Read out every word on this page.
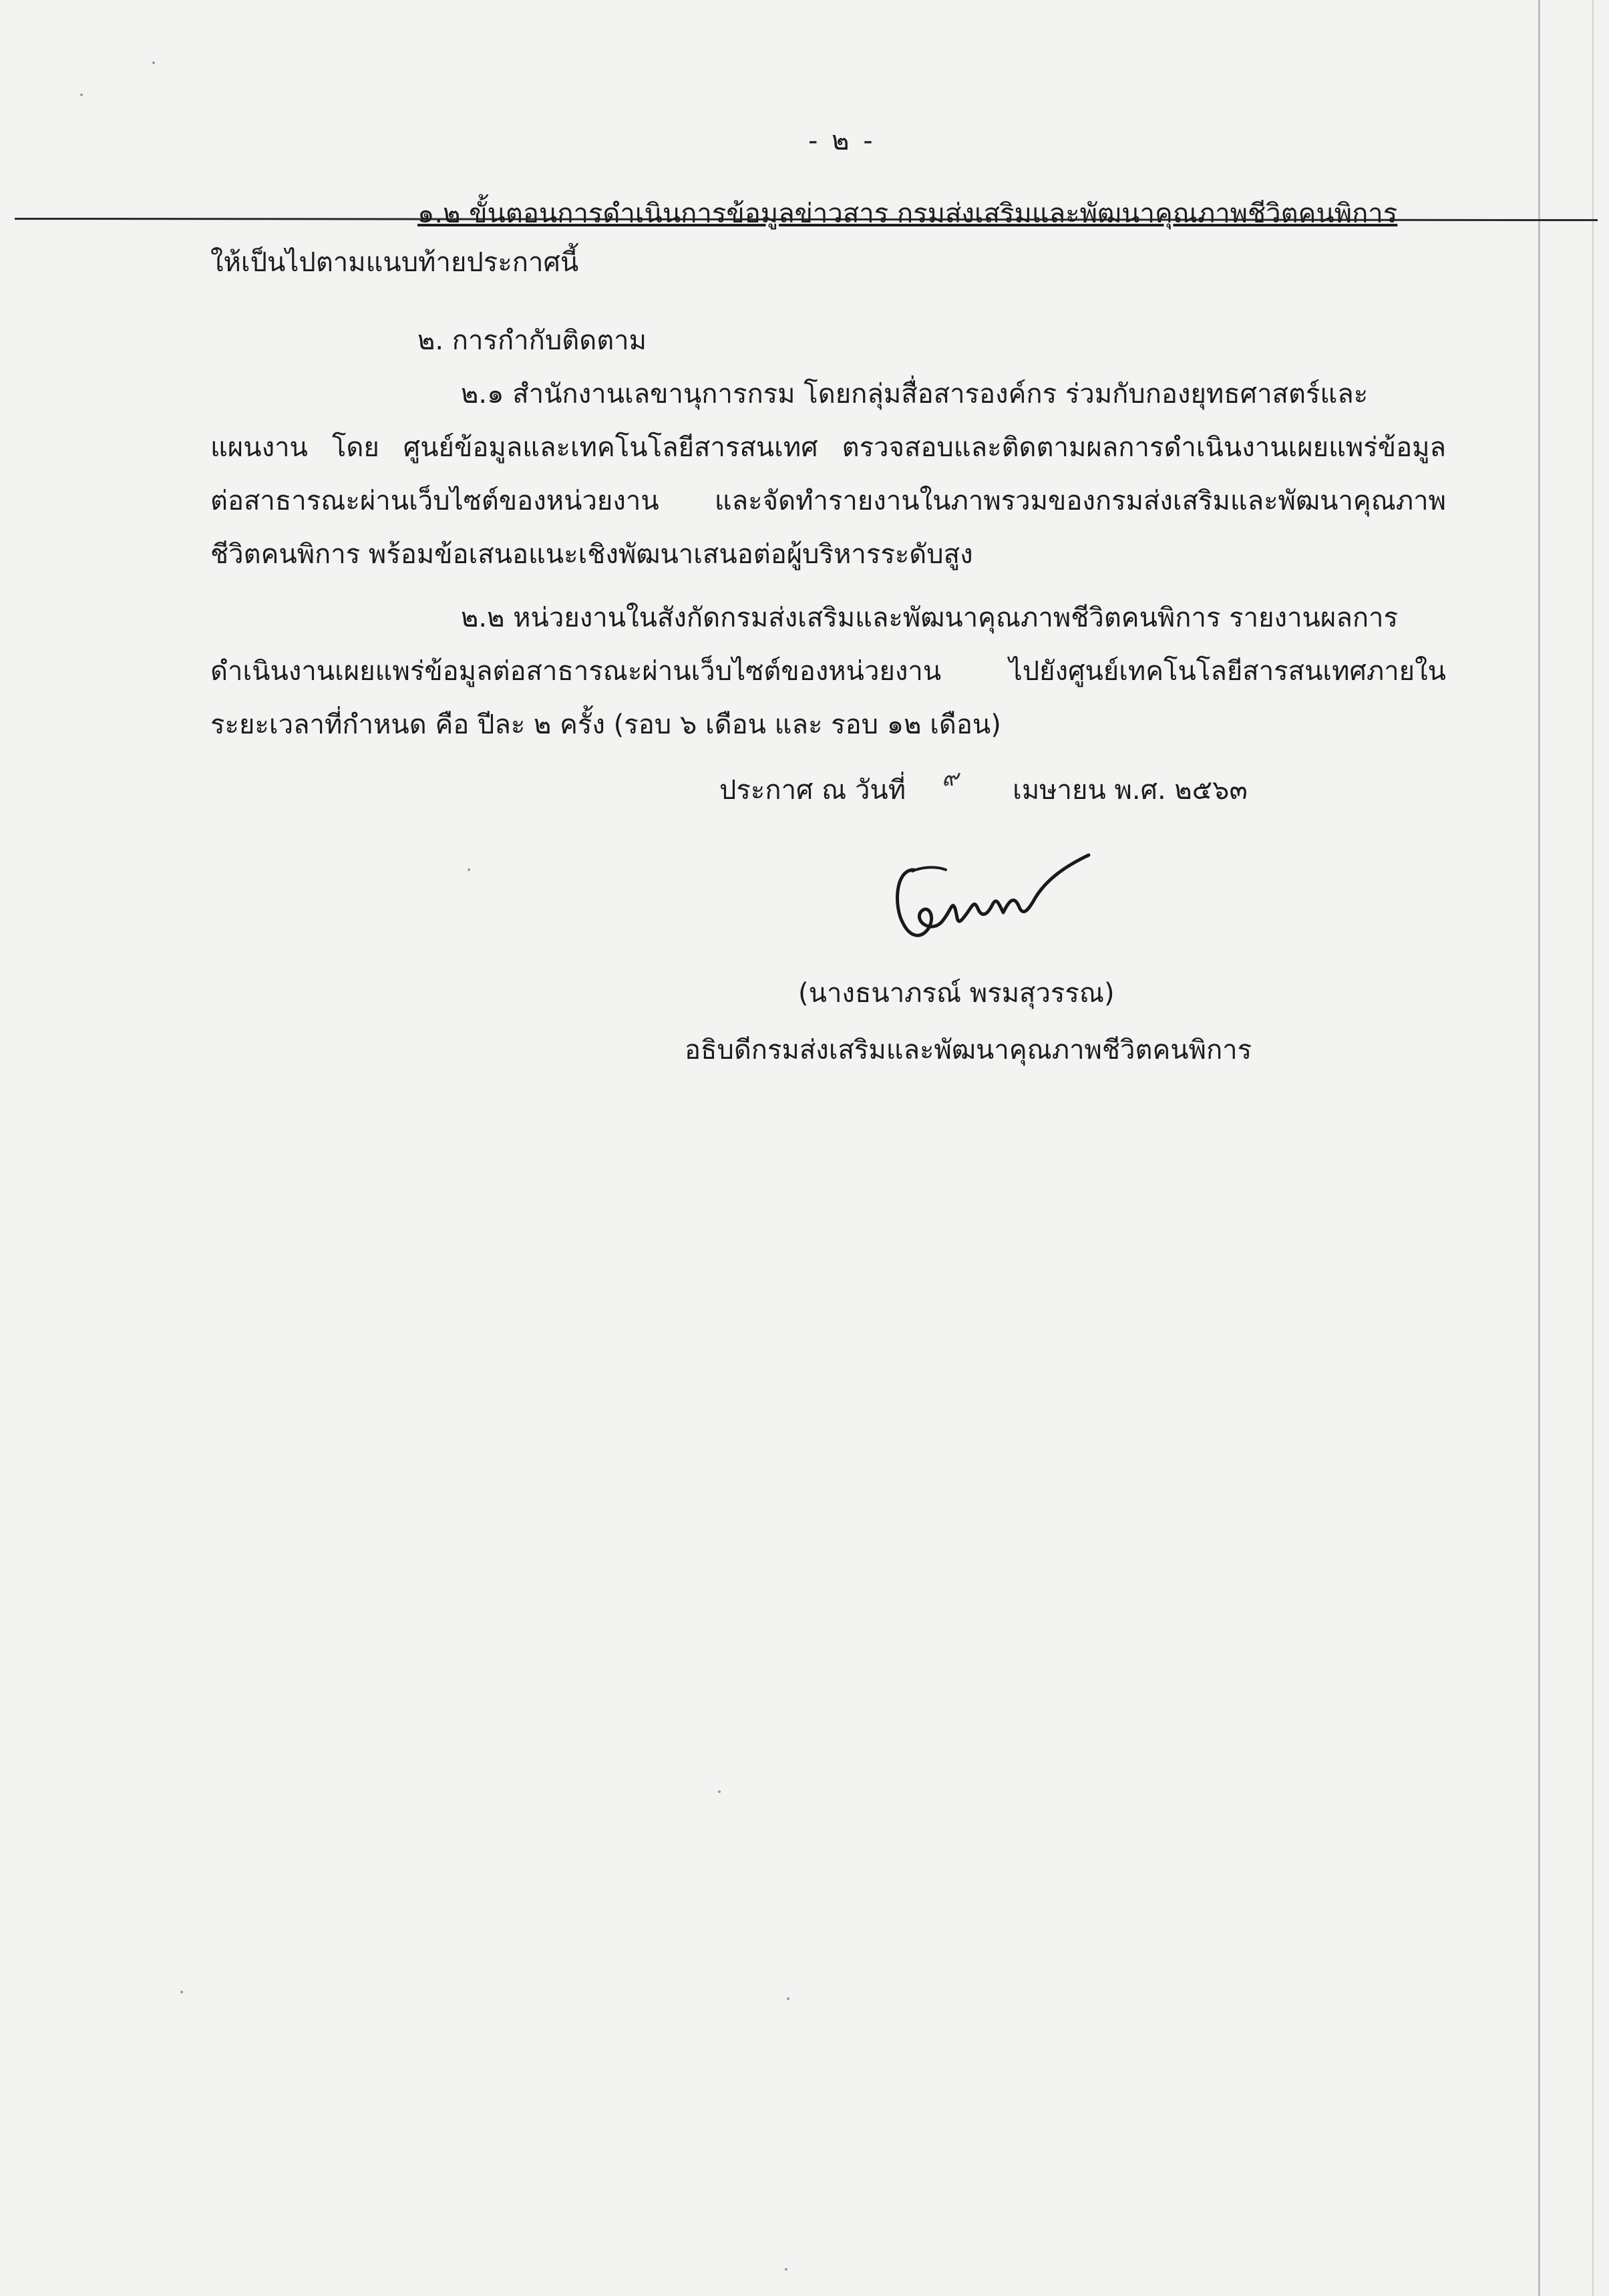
- ๒ -
๑.๒ ขั้นตอนการดำเนินการข้อมูลข่าวสาร กรมส่งเสริมและพัฒนาคุณภาพชีวิตคนพิการ
ให้เป็นไปตามแนบท้ายประกาศนี้
๒. การกำกับติดตาม
๒.๑ สำนักงานเลขานุการกรม โดยกลุ่มสื่อสารองค์กร ร่วมกับกองยุทธศาสตร์และ
แผนงาน โดย ศูนย์ข้อมูลและเทคโนโลยีสารสนเทศ ตรวจสอบและติดตามผลการดำเนินงานเผยแพร่ข้อมูล
ต่อสาธารณะผ่านเว็บไซต์ของหน่วยงาน และจัดทำรายงานในภาพรวมของกรมส่งเสริมและพัฒนาคุณภาพ
ชีวิตคนพิการ พร้อมข้อเสนอแนะเชิงพัฒนาเสนอต่อผู้บริหารระดับสูง
๒.๒ หน่วยงานในสังกัดกรมส่งเสริมและพัฒนาคุณภาพชีวิตคนพิการ รายงานผลการ
ดำเนินงานเผยแพร่ข้อมูลต่อสาธารณะผ่านเว็บไซต์ของหน่วยงาน ไปยังศูนย์เทคโนโลยีสารสนเทศภายใน
ระยะเวลาที่กำหนด คือ ปีละ ๒ ครั้ง (รอบ ๖ เดือน และ รอบ ๑๒ เดือน)
ประกาศ ณ วันที่	เมษายน พ.ศ. ๒๕๖๓
๙
(นางธนาภรณ์ พรมสุวรรณ)
อธิบดีกรมส่งเสริมและพัฒนาคุณภาพชีวิตคนพิการ
